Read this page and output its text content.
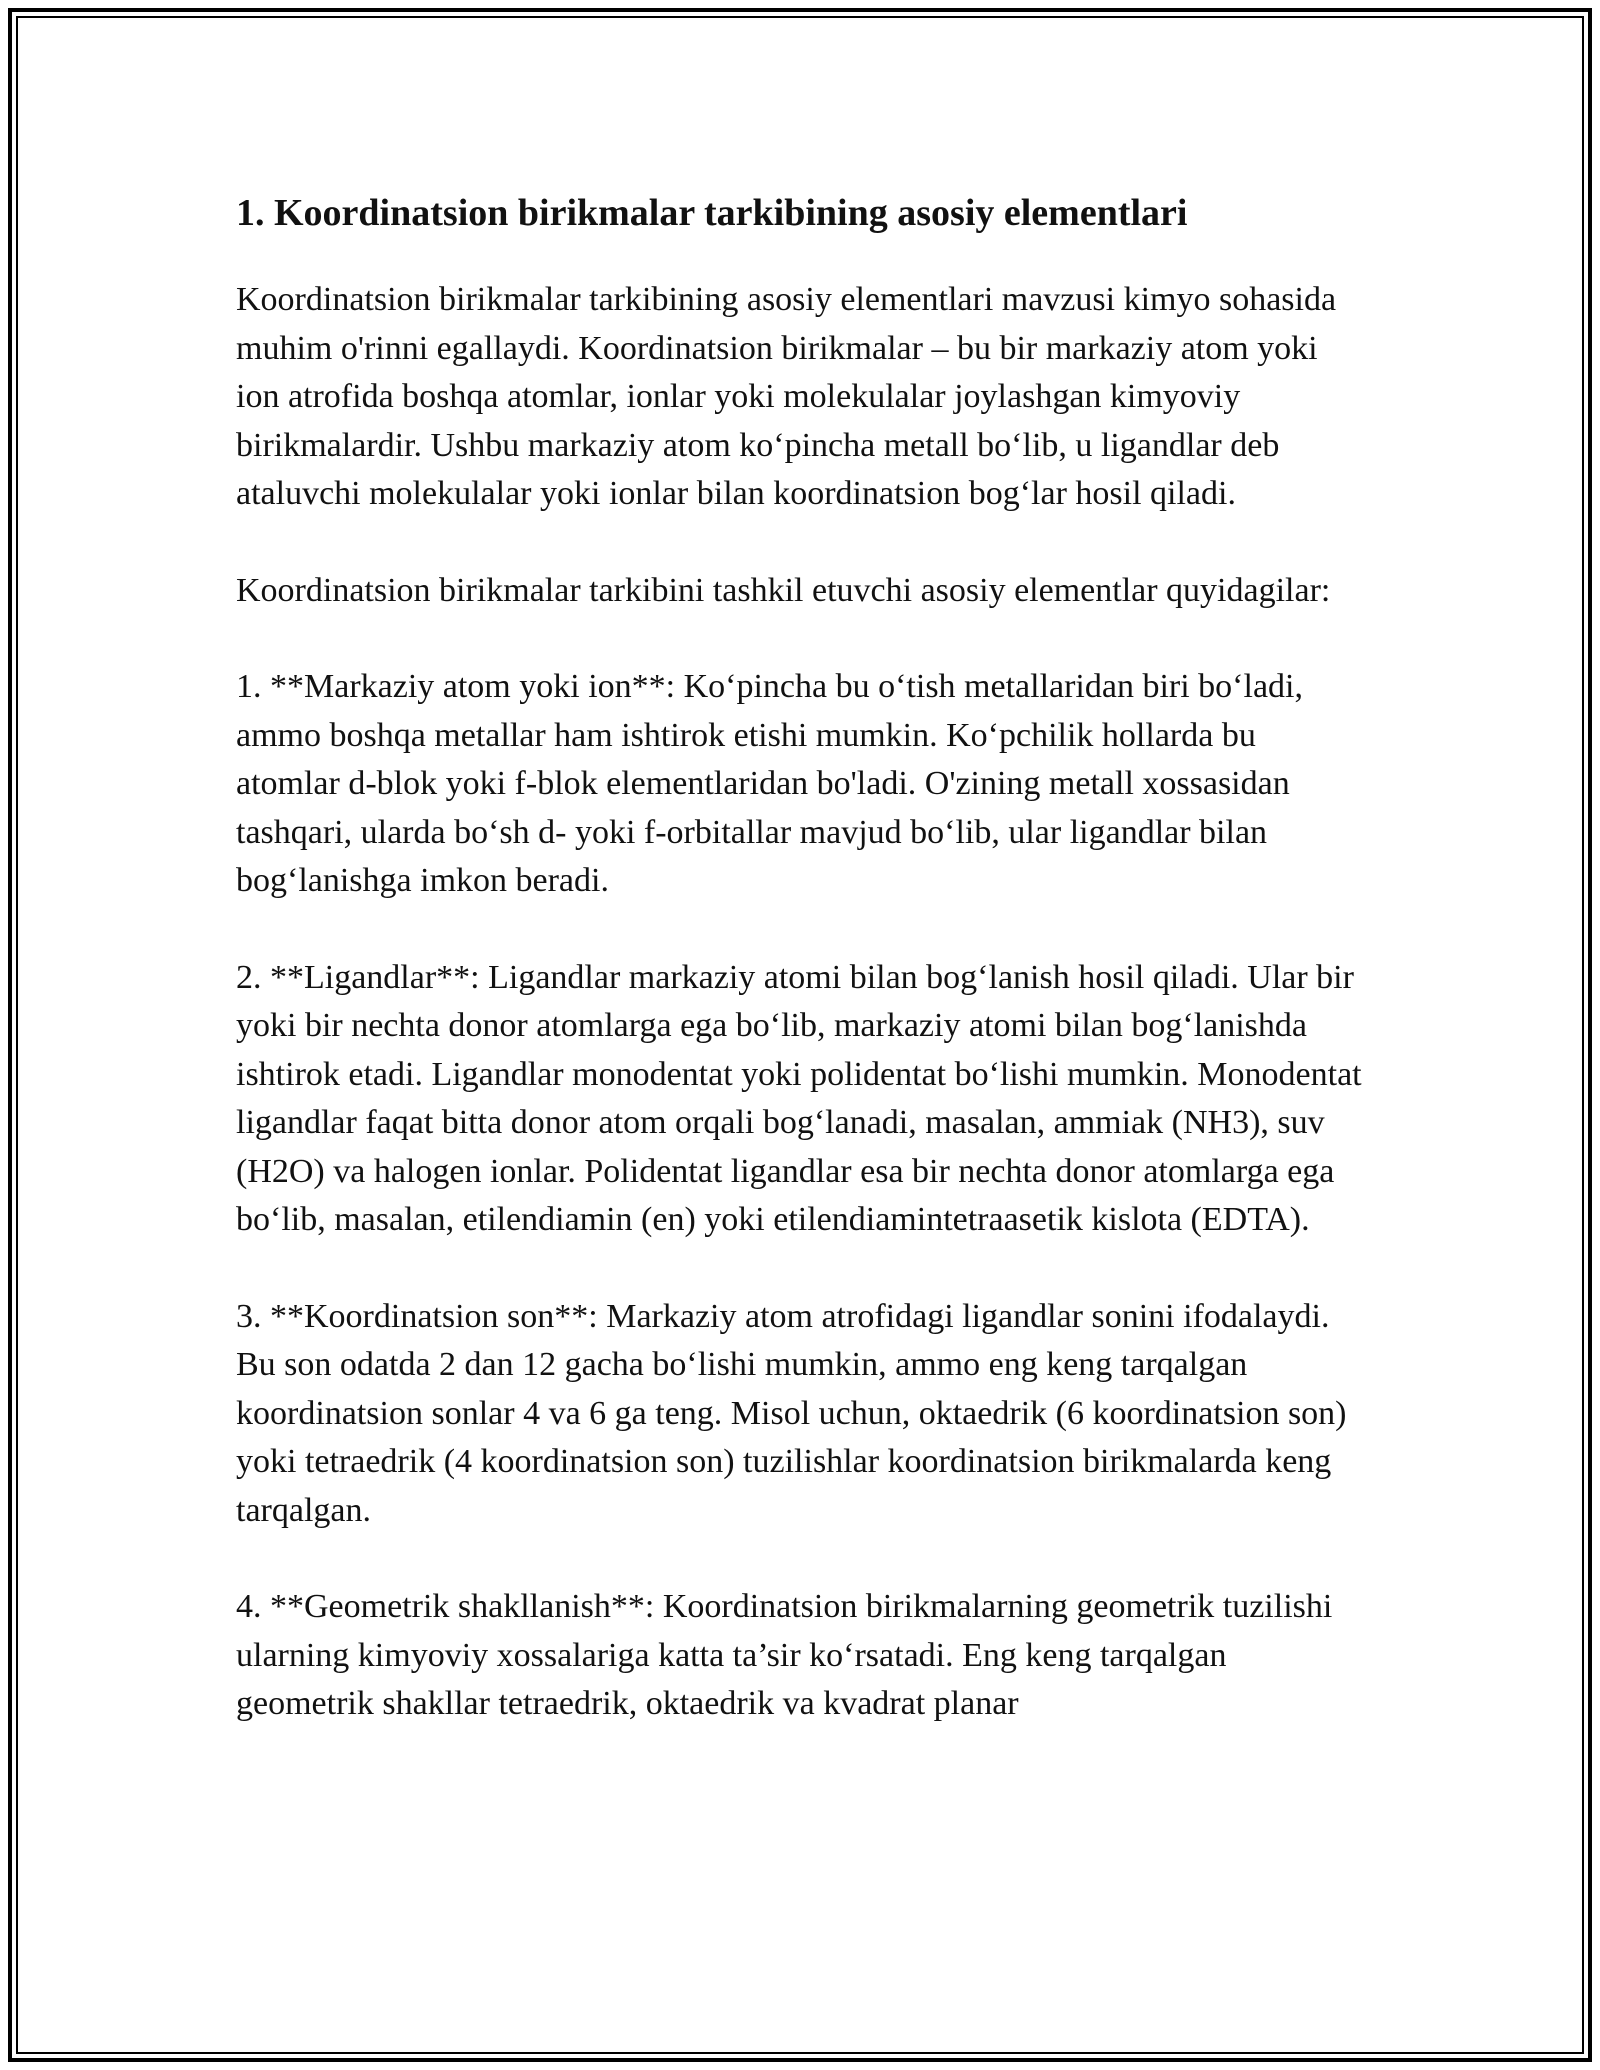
1. Koordinatsion birikmalar tarkibining asosiy elementlari

Koordinatsion birikmalar tarkibining asosiy elementlari mavzusi kimyo sohasida muhim o'rinni egallaydi. Koordinatsion birikmalar – bu bir markaziy atom yoki ion atrofida boshqa atomlar, ionlar yoki molekulalar joylashgan kimyoviy birikmalardir. Ushbu markaziy atom ko‘pincha metall bo‘lib, u ligandlar deb ataluvchi molekulalar yoki ionlar bilan koordinatsion bog‘lar hosil qiladi.

Koordinatsion birikmalar tarkibini tashkil etuvchi asosiy elementlar quyidagilar:

1. **Markaziy atom yoki ion**: Ko‘pincha bu o‘tish metallaridan biri bo‘ladi, ammo boshqa metallar ham ishtirok etishi mumkin. Ko‘pchilik hollarda bu atomlar d-blok yoki f-blok elementlaridan bo'ladi. O'zining metall xossasidan tashqari, ularda bo‘sh d- yoki f-orbitallar mavjud bo‘lib, ular ligandlar bilan bog‘lanishga imkon beradi.

2. **Ligandlar**: Ligandlar markaziy atomi bilan bog‘lanish hosil qiladi. Ular bir yoki bir nechta donor atomlarga ega bo‘lib, markaziy atomi bilan bog‘lanishda ishtirok etadi. Ligandlar monodentat yoki polidentat bo‘lishi mumkin. Monodentat ligandlar faqat bitta donor atom orqali bog‘lanadi, masalan, ammiak (NH3), suv (H2O) va halogen ionlar. Polidentat ligandlar esa bir nechta donor atomlarga ega bo‘lib, masalan, etilendiamin (en) yoki etilendiamintetraasetik kislota (EDTA).

3. **Koordinatsion son**: Markaziy atom atrofidagi ligandlar sonini ifodalaydi. Bu son odatda 2 dan 12 gacha bo‘lishi mumkin, ammo eng keng tarqalgan koordinatsion sonlar 4 va 6 ga teng. Misol uchun, oktaedrik (6 koordinatsion son) yoki tetraedrik (4 koordinatsion son) tuzilishlar koordinatsion birikmalarda keng tarqalgan.

4. **Geometrik shakllanish**: Koordinatsion birikmalarning geometrik tuzilishi ularning kimyoviy xossalariga katta ta’sir ko‘rsatadi. Eng keng tarqalgan geometrik shakllar tetraedrik, oktaedrik va kvadrat planar
